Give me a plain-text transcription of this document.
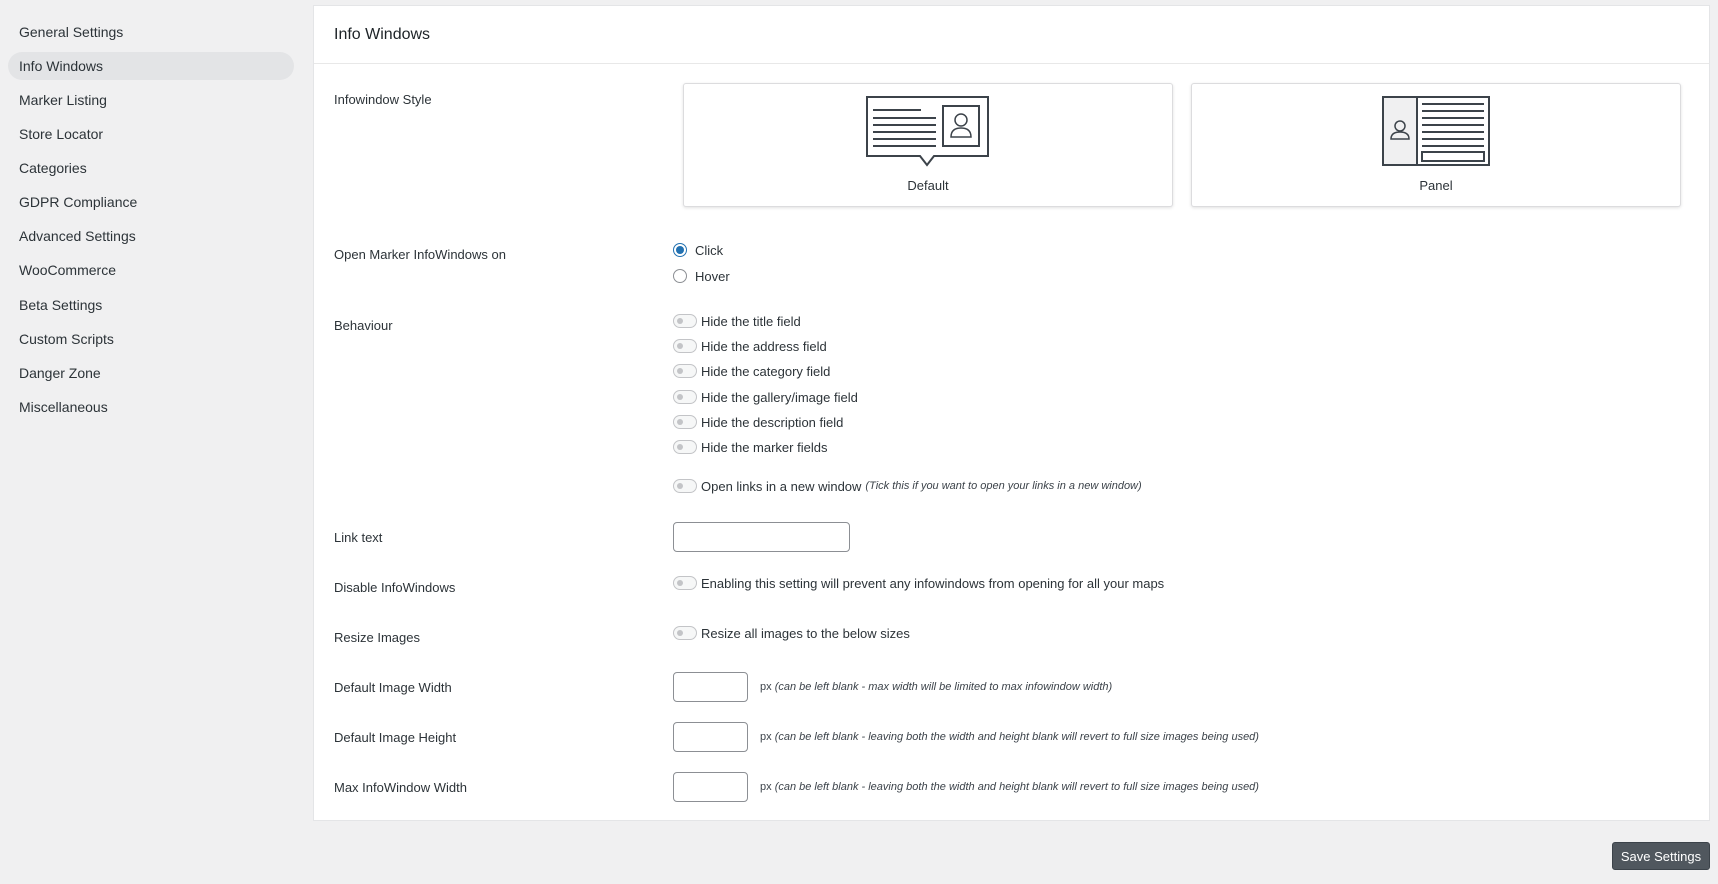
General Settings
Info Windows
Marker Listing
Store Locator
Categories
GDPR Compliance
Advanced Settings
WooCommerce
Beta Settings
Custom Scripts
Danger Zone
Miscellaneous
Info Windows
Infowindow Style
Default	Panel
Open Marker InfoWindows on	Click
Hover
Behaviour	Hide the title field
Hide the address field
Hide the category field
Hide the gallery/image field
Hide the description field
Hide the marker fields
Open links in a new window (Tick this if you want to open your links in a new window)
Link text
Disable InfoWindows	Enabling this setting will prevent any infowindows from opening for all your maps
Resize Images	Resize all images to the below sizes
Default Image Width	px (can be left blank - max width will be limited to max infowindow width)
Default Image Height	px (can be left blank - leaving both the width and height blank will revert to full size images being used)
Max InfoWindow Width	px (can be left blank - leaving both the width and height blank will revert to full size images being used)
Save Settings
